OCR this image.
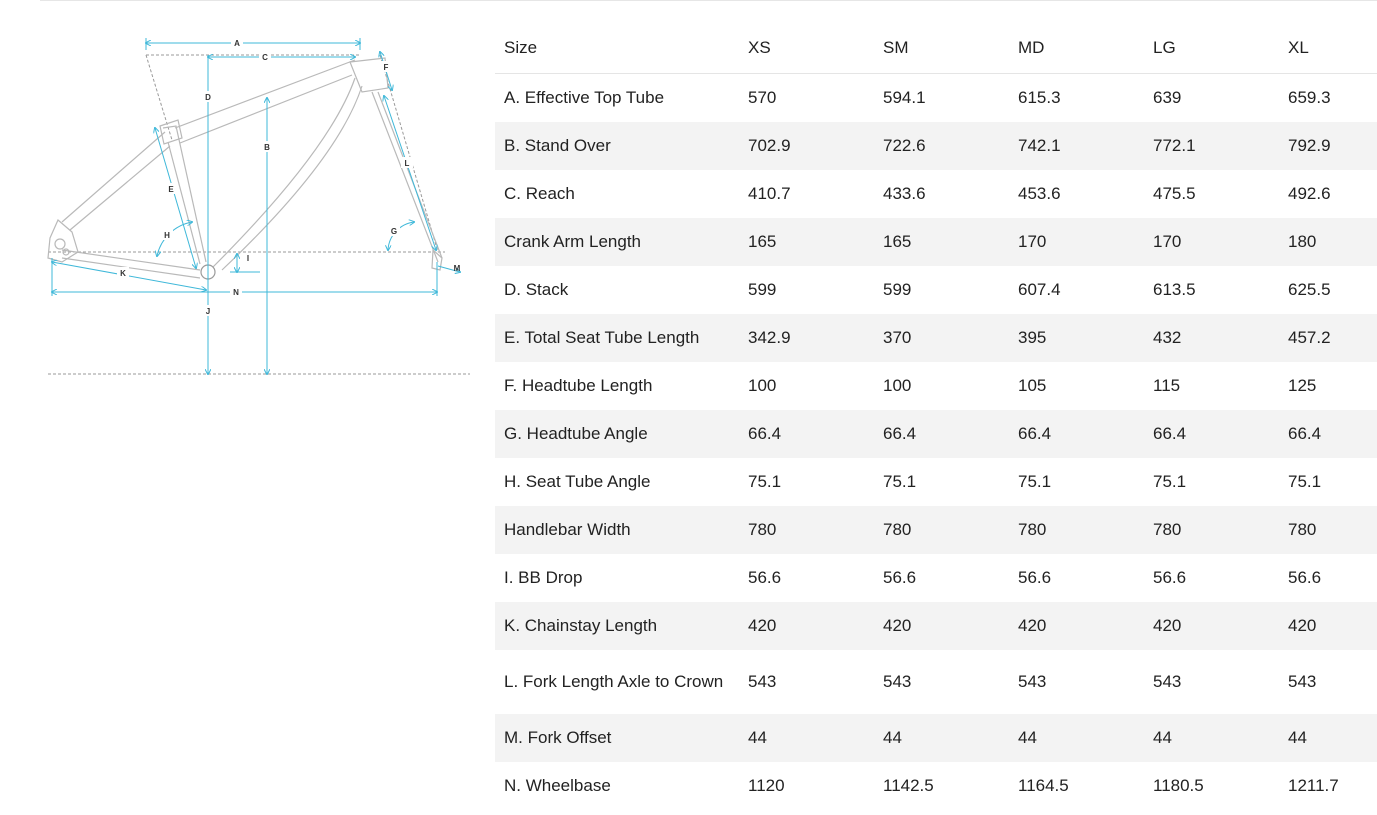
A
C
D
B
E
F
L
G
H
I
K
N
J
M
Size	XS	SM	MD	LG	XL
A. Effective Top Tube	570	594.1	615.3	639	659.3
B. Stand Over	702.9	722.6	742.1	772.1	792.9
C. Reach	410.7	433.6	453.6	475.5	492.6
Crank Arm Length	165	165	170	170	180
D. Stack	599	599	607.4	613.5	625.5
E. Total Seat Tube Length	342.9	370	395	432	457.2
F. Headtube Length	100	100	105	115	125
G. Headtube Angle	66.4	66.4	66.4	66.4	66.4
H. Seat Tube Angle	75.1	75.1	75.1	75.1	75.1
Handlebar Width	780	780	780	780	780
I. BB Drop	56.6	56.6	56.6	56.6	56.6
K. Chainstay Length	420	420	420	420	420
L. Fork Length Axle to Crown	543	543	543	543	543
M. Fork Offset	44	44	44	44	44
N. Wheelbase	1120	1142.5	1164.5	1180.5	1211.7
